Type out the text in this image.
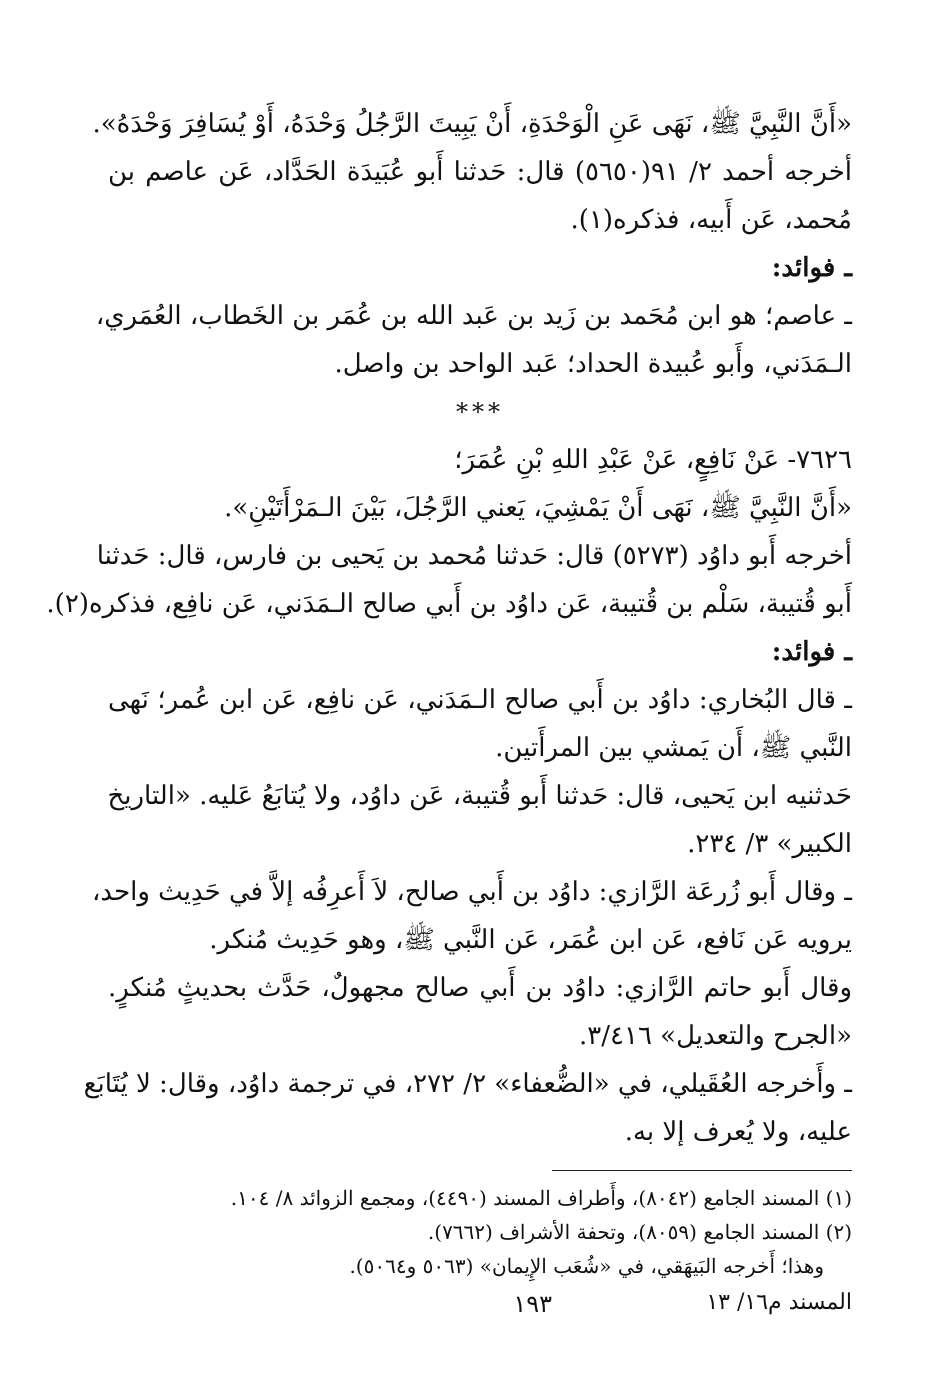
«أَنَّ النَّبِيَّ ﷺ، نَهَى عَنِ الْوَحْدَةِ، أَنْ يَبِيتَ الرَّجُلُ وَحْدَهُ، أَوْ يُسَافِرَ وَحْدَهُ».
أخرجه أحمد ٢/ ٩١(٥٦٥٠) قال: حَدثنا أَبو عُبَيدَة الحَدَّاد، عَن عاصم بن
مُحمد، عَن أَبيه، فذكره(١).
ـ فوائد:
ـ عاصم؛ هو ابن مُحَمد بن زَيد بن عَبد الله بن عُمَر بن الخَطاب، العُمَري،
الـمَدَني، وأَبو عُبيدة الحداد؛ عَبد الواحد بن واصل.
***
٧٦٢٦- عَنْ نَافِعٍ، عَنْ عَبْدِ اللهِ بْنِ عُمَرَ؛
«أَنَّ النَّبِيَّ ﷺ، نَهَى أَنْ يَمْشِيَ، يَعني الرَّجُلَ، بَيْنَ الـمَرْأَتَيْنِ».
أخرجه أَبو داوُد (٥٢٧٣) قال: حَدثنا مُحمد بن يَحيى بن فارس، قال: حَدثنا
أَبو قُتيبة، سَلْم بن قُتيبة، عَن داوُد بن أَبي صالح الـمَدَني، عَن نافِع، فذكره(٢).
ـ فوائد:
ـ قال البُخاري: داوُد بن أَبي صالح الـمَدَني، عَن نافِع، عَن ابن عُمر؛ نَهى
النَّبي ﷺ، أَن يَمشي بين المرأَتين.
حَدثنيه ابن يَحيى، قال: حَدثنا أَبو قُتيبة، عَن داوُد، ولا يُتابَعُ عَليه. «التاريخ
الكبير» ٣/ ٢٣٤.
ـ وقال أَبو زُرعَة الرَّازي: داوُد بن أَبي صالح، لاَ أَعرِفُه إلاَّ في حَدِيث واحد،
يرويه عَن نَافع، عَن ابن عُمَر، عَن النَّبي ﷺ، وهو حَدِيث مُنكر.
وقال أَبو حاتم الرَّازي: داوُد بن أَبي صالح مجهولٌ، حَدَّث بحديثٍ مُنكرٍ.
«الجرح والتعديل» ٣/٤١٦.
ـ وأَخرجه العُقَيلي، في «الضُّعفاء» ٢/ ٢٧٢، في ترجمة داوُد، وقال: لا يُتَابَع
عليه، ولا يُعرف إلا به.
(١) المسند الجامع (٨٠٤٢)، وأَطراف المسند (٤٤٩٠)، ومجمع الزوائد ٨/ ١٠٤.
(٢) المسند الجامع (٨٠٥٩)، وتحفة الأشراف (٧٦٦٢).
وهذا؛ أَخرجه البَيهَقي، في «شُعَب الإِيمان» (٥٠٦٣ و٥٠٦٤).
المسند م١٦/ ١٣
١٩٣
